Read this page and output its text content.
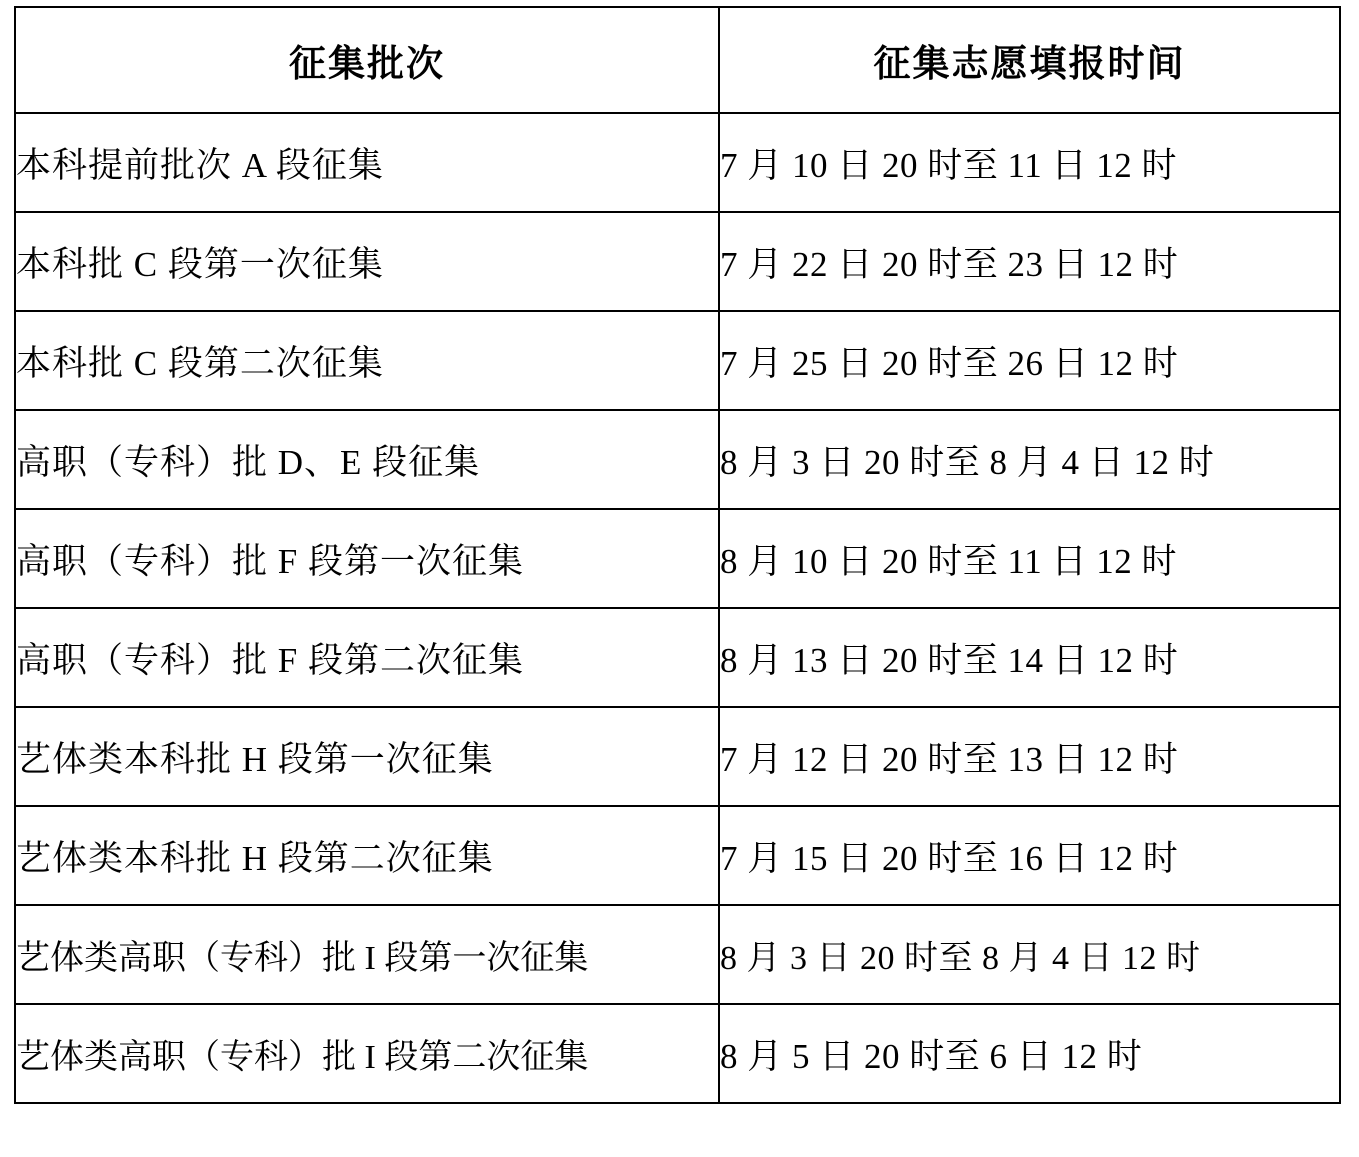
征集批次	征集志愿填报时间
本科提前批次 A 段征集	7 月 10 日 20 时至 11 日 12 时
本科批 C 段第一次征集	7 月 22 日 20 时至 23 日 12 时
本科批 C 段第二次征集	7 月 25 日 20 时至 26 日 12 时
高职（专科）批 D、E 段征集	8 月 3 日 20 时至 8 月 4 日 12 时
高职（专科）批 F 段第一次征集	8 月 10 日 20 时至 11 日 12 时
高职（专科）批 F 段第二次征集	8 月 13 日 20 时至 14 日 12 时
艺体类本科批 H 段第一次征集	7 月 12 日 20 时至 13 日 12 时
艺体类本科批 H 段第二次征集	7 月 15 日 20 时至 16 日 12 时
艺体类高职（专科）批 I 段第一次征集	8 月 3 日 20 时至 8 月 4 日 12 时
艺体类高职（专科）批 I 段第二次征集	8 月 5 日 20 时至 6 日 12 时
